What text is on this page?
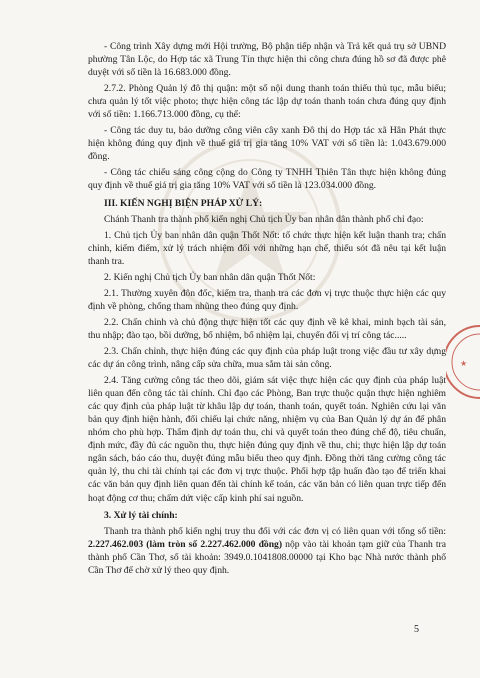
★

- Công trình Xây dựng mới Hội trường, Bộ phận tiếp nhận và Trả kết quả trụ sở UBND phường Tân Lộc, do Hợp tác xã Trung Tín thực hiện thi công chưa đúng hồ sơ đã được phê duyệt với số tiền là 16.683.000 đồng.

2.7.2. Phòng Quản lý đô thị quận: một số nội dung thanh toán thiếu thủ tục, mẫu biểu; chưa quản lý tốt việc photo; thực hiện công tác lập dự toán thanh toán chưa đúng quy định với số tiền: 1.166.713.000 đồng, cụ thể:

- Công tác duy tu, bảo dưỡng công viên cây xanh Đô thị do Hợp tác xã Hân Phát thực hiện không đúng quy định về thuế giá trị gia tăng 10% VAT với số tiền là: 1.043.679.000 đồng.

- Công tác chiếu sáng công cộng do Công ty TNHH Thiên Tân thực hiện không đúng quy định về thuế giá trị gia tăng 10% VAT với số tiền là 123.034.000 đồng.

III. KIẾN NGHỊ BIỆN PHÁP XỬ LÝ:

Chánh Thanh tra thành phố kiến nghị Chủ tịch Ủy ban nhân dân thành phố chỉ đạo:

1. Chủ tịch Ủy ban nhân dân quận Thốt Nốt: tổ chức thực hiện kết luận thanh tra; chấn chỉnh, kiểm điểm, xử lý trách nhiệm đối với những hạn chế, thiếu sót đã nêu tại kết luận thanh tra.

2. Kiến nghị Chủ tịch Ủy ban nhân dân quận Thốt Nốt:

2.1. Thường xuyên đôn đốc, kiểm tra, thanh tra các đơn vị trực thuộc thực hiện các quy định về phòng, chống tham nhũng theo đúng quy định.

2.2. Chấn chỉnh và chủ động thực hiện tốt các quy định về kê khai, minh bạch tài sản, thu nhập; đào tạo, bồi dưỡng, bổ nhiệm, bổ nhiệm lại, chuyển đổi vị trí công tác.....

2.3. Chấn chỉnh, thực hiện đúng các quy định của pháp luật trong việc đầu tư xây dựng các dự án công trình, nâng cấp sửa chữa, mua sắm tài sản công.

2.4. Tăng cường công tác theo dõi, giám sát việc thực hiện các quy định của pháp luật liên quan đến công tác tài chính. Chỉ đạo các Phòng, Ban trực thuộc quận thực hiện nghiêm các quy định của pháp luật từ khâu lập dự toán, thanh toán, quyết toán. Nghiên cứu lại văn bản quy định hiện hành, đối chiếu lại chức năng, nhiệm vụ của Ban Quản lý dự án để phân nhóm cho phù hợp. Thẩm định dự toán thu, chi và quyết toán theo đúng chế độ, tiêu chuẩn, định mức, đầy đủ các nguồn thu, thực hiện đúng quy định về thu, chi; thực hiện lập dự toán ngân sách, báo cáo thu, duyệt đúng mẫu biểu theo quy định. Đồng thời tăng cường công tác quản lý, thu chi tài chính tại các đơn vị trực thuộc. Phối hợp tập huấn đào tạo để triển khai các văn bản quy định liên quan đến tài chính kế toán, các văn bản có liên quan trực tiếp đến hoạt động cơ thu; chấm dứt việc cấp kinh phí sai nguồn.

3. Xử lý tài chính:

Thanh tra thành phố kiến nghị truy thu đối với các đơn vị có liên quan với tổng số tiền: 2.227.462.003 (làm tròn số 2.227.462.000 đồng) nộp vào tài khoản tạm giữ của Thanh tra thành phố Cần Thơ, số tài khoản: 3949.0.1041808.00000 tại Kho bạc Nhà nước thành phố Cần Thơ để chờ xử lý theo quy định.

5
